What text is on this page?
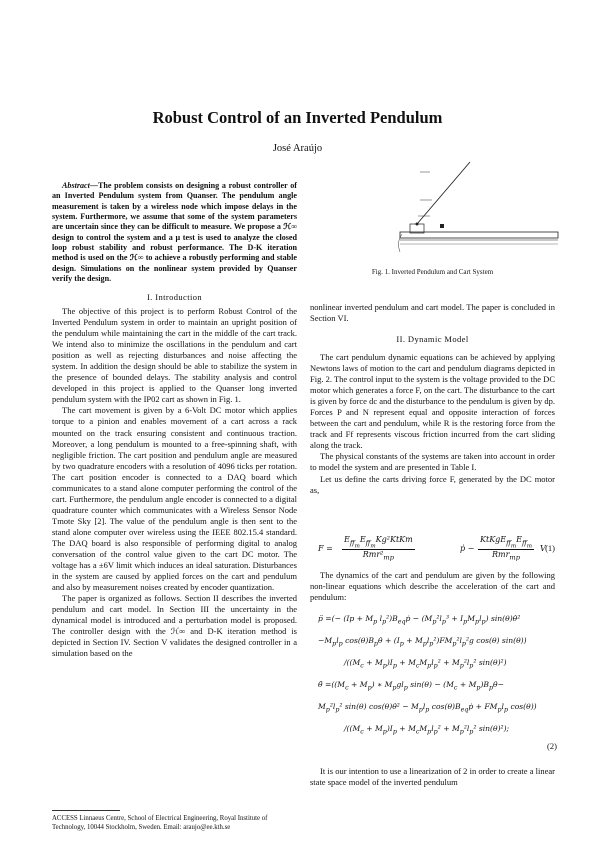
Robust Control of an Inverted Pendulum
José Araújo
Abstract—The problem consists on designing a robust controller of an Inverted Pendulum system from Quanser. The pendulum angle measurement is taken by a wireless node which impose delays in the system. Furthermore, we assume that some of the system parameters are uncertain since they can be difficult to measure. We propose a ℋ∞ design to control the system and a μ test is used to analyze the closed loop robust stability and robust performance. The D-K iteration method is used on the ℋ∞ to achieve a robustly performing and stable design. Simulations on the nonlinear system provided by Quanser verify the design.
I. Introduction

The objective of this project is to perform Robust Control of the Inverted Pendulum system in order to maintain an upright position of the pendulum while maintaining the cart in the middle of the cart track. We intend also to minimize the oscillations in the pendulum and cart position as well as rejecting disturbances and noise affecting the system. In addition the design should be able to stabilize the system in the presence of bounded delays. The stability analysis and control developed in this project is applied to the Quanser long inverted pendulum system with the IP02 cart as shown in Fig. 1.

The cart movement is given by a 6-Volt DC motor which applies torque to a pinion and enables movement of a cart across a rack mounted on the track ensuring consistent and continuous traction. Moreover, a long pendulum is mounted to a free-spinning shaft, with negligible friction. The cart position and pendulum angle are measured by two quadrature encoders with a resolution of 4096 ticks per rotation. The cart position encoder is connected to a DAQ board which communicates to a stand alone computer performing the control of the cart. Furthermore, the pendulum angle encoder is connected to a digital quadrature counter which communicates with a Wireless Sensor Node Tmote Sky [2]. The value of the pendulum angle is then sent to the stand alone computer over wireless using the IEEE 802.15.4 standard. The DAQ board is also responsible of performing digital to analog conversation of the control value given to the cart DC motor. The voltage has a ±6V limit which induces an ideal saturation. Disturbances in the system are caused by applied forces on the cart and pendulum and also by measurement noises created by encoder quantization.

The paper is organized as follows. Section II describes the inverted pendulum and cart model. In Section III the uncertainty in the dynamical model is introduced and a perturbation model is proposed. The controller design with the ℋ∞ and D-K iteration method is depicted in Section IV. Section V validates the designed controller in a simulation based on the

ACCESS Linnaeus Centre, School of Electrical Engineering, Royal Institute of Technology, 10044 Stockholm, Sweden. Email: araujo@ee.kth.se
Fig. 1. Inverted Pendulum and Cart System

nonlinear inverted pendulum and cart model. The paper is concluded in Section VI.

II. Dynamic Model

The cart pendulum dynamic equations can be achieved by applying Newtons laws of motion to the cart and pendulum diagrams depicted in Fig. 2. The control input to the system is the voltage provided to the DC motor which generates a force F, on the cart. The disturbance to the cart is given by force dc and the disturbance to the pendulum is given by dp. Forces P and N represent equal and opposite interaction of forces between the cart and pendulum, while R is the restoring force from the track and Ff represents viscous friction incurred from the cart sliding along the track.

The physical constants of the systems are taken into account in order to model the system and are presented in Table I.

Let us define the carts driving force F, generated by the DC motor as,

F =
$E_{ff_m}E_{ff_m}Kg^2KtKm$
$Rmr^2_{mp}$
ṗ −
$KtKgE_{ff_m}E_{ff_m}$
Rmr$_{mp}$
V (1)

The dynamics of the cart and pendulum are given by the following non-linear equations which describe the acceleration of the cart and pendulum:

p̈ =(− ($Ip + M_p$ $l_p^2)B_{eq}ṗ - (M_p^2l_p^3 + I_pM_pl_p)$ sin(θ)θ̇²
$-M_pl_p$ $\cos(\theta)B_p\thetȧ + (I_p + M_pl_p^2)FM_p^2l_p^2g$ cos(θ) sin(θ))
$/((M_c + M_p)I_p + M_cM_pl_p^2 + M_p^2l_p^2$ sin(θ)²)
θ̈ $=((M_c + M_p)$ ∗ $M_pgl_p$ $\sin(\theta) - (M_c$ + $M_p)B_p\thetȧ-$
$M_p^2l_p^2$ sin(θ) cos(θ)θ̇² − $M_pl_p$ $\cos(\theta)B_{eq}ṗ + FM_pl_p$ cos(θ))
$/((M_c + M_p)I_p + M_cM_pl_p^2 + M_p^2l_p^2$ sin(θ)²);
(2)

It is our intention to use a linearization of 2 in order to create a linear state space model of the inverted pendulum
